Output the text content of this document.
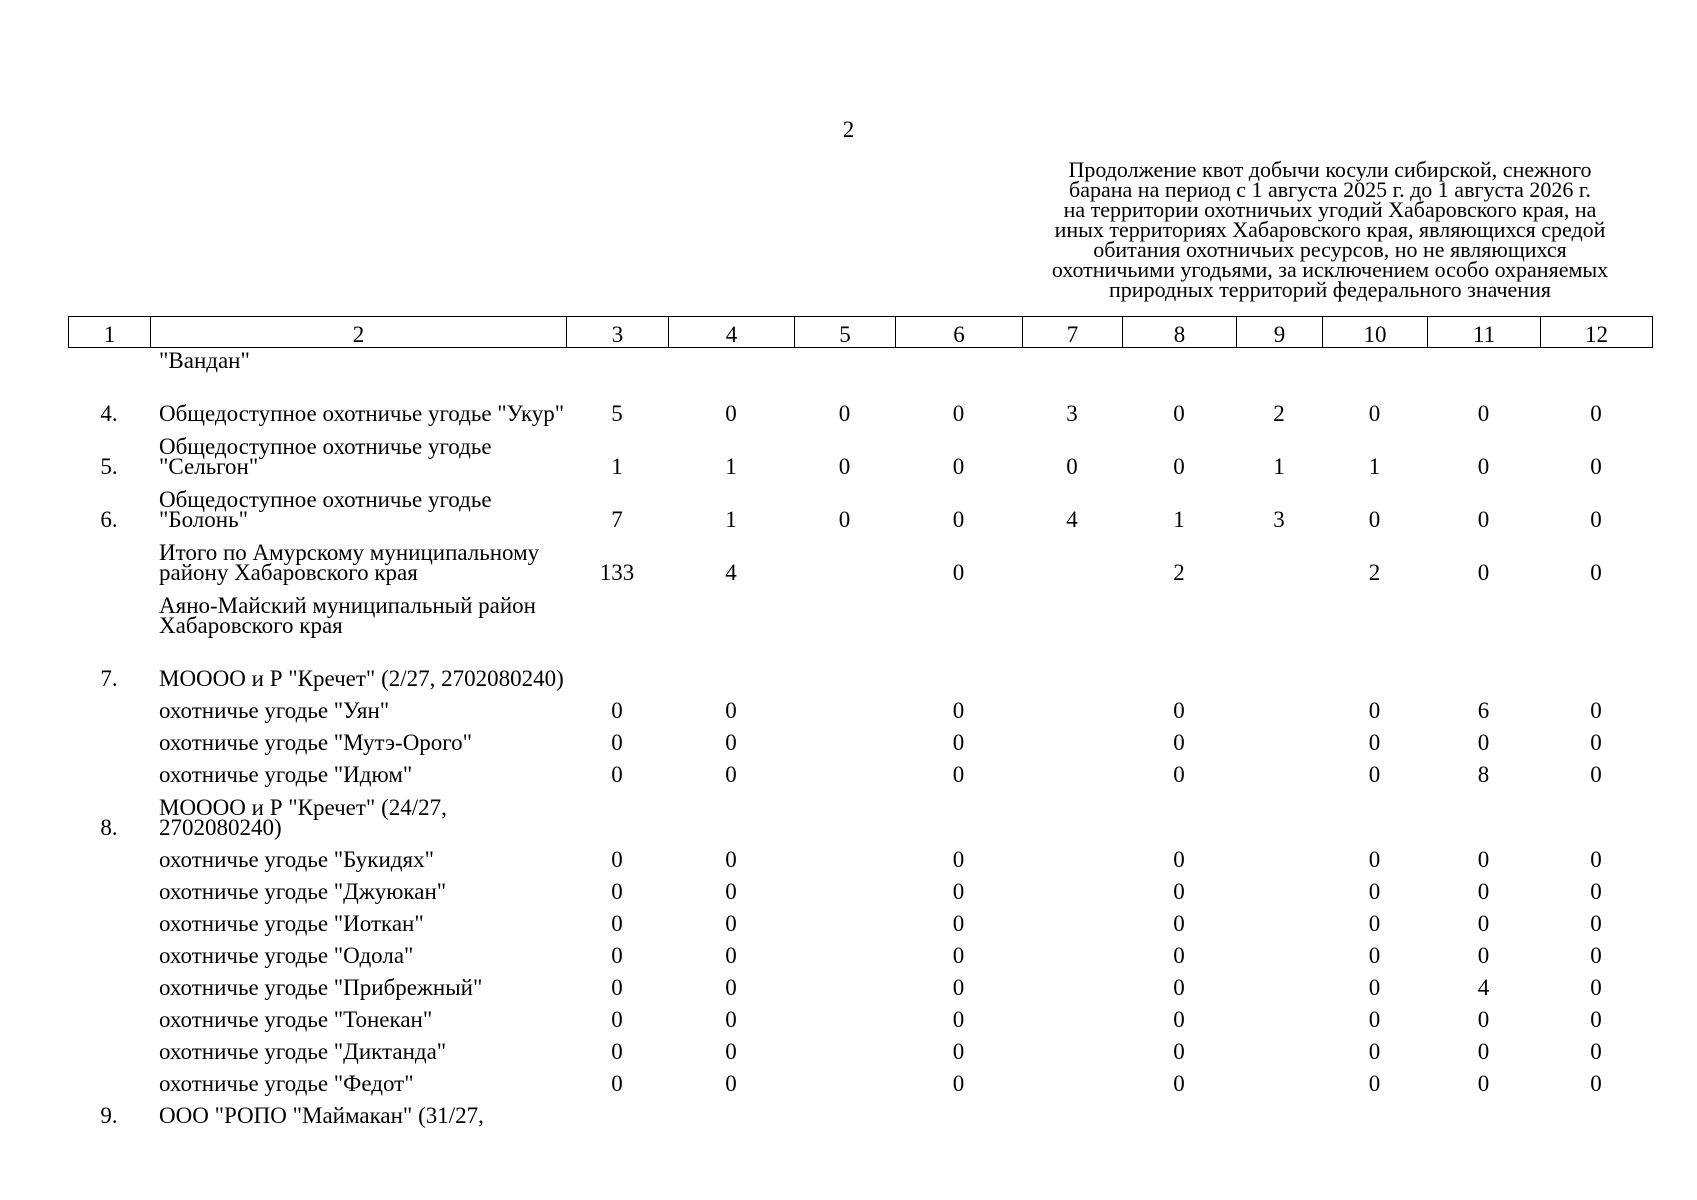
2
Продолжение квот добычи косули сибирской, снежного
барана на период с 1 августа 2025 г. до 1 августа 2026 г.
на территории охотничьих угодий Хабаровского края, на
иных территориях Хабаровского края, являющихся средой
обитания охотничьих ресурсов, но не являющихся
охотничьими угодьями, за исключением особо охраняемых
природных территорий федерального значения
1	2	3	4	5	6	7	8	9	10	11	12
	"Вандан"										
4.	Общедоступное охотничье угодье "Укур"	5	0	0	0	3	0	2	0	0	0
5.	Общедоступное охотничье угодье "Сельгон"	1	1	0	0	0	0	1	1	0	0
6.	Общедоступное охотничье угодье "Болонь"	7	1	0	0	4	1	3	0	0	0
	Итого по Амурскому муниципальному району Хабаровского края	133	4		0		2		2	0	0
	Аяно-Майский муниципальный район Хабаровского края										
7.	МОООО и Р "Кречет" (2/27, 2702080240)										
	охотничье угодье "Уян"	0	0		0		0		0	6	0
	охотничье угодье "Мутэ-Орого"	0	0		0		0		0	0	0
	охотничье угодье "Идюм"	0	0		0		0		0	8	0
8.	МОООО и Р "Кречет" (24/27, 2702080240)										
	охотничье угодье "Букидях"	0	0		0		0		0	0	0
	охотничье угодье "Джуюкан"	0	0		0		0		0	0	0
	охотничье угодье "Иоткан"	0	0		0		0		0	0	0
	охотничье угодье "Одола"	0	0		0		0		0	0	0
	охотничье угодье "Прибрежный"	0	0		0		0		0	4	0
	охотничье угодье "Тонекан"	0	0		0		0		0	0	0
	охотничье угодье "Диктанда"	0	0		0		0		0	0	0
	охотничье угодье "Федот"	0	0		0		0		0	0	0
9.	ООО "РОПО "Маймакан" (31/27,										
